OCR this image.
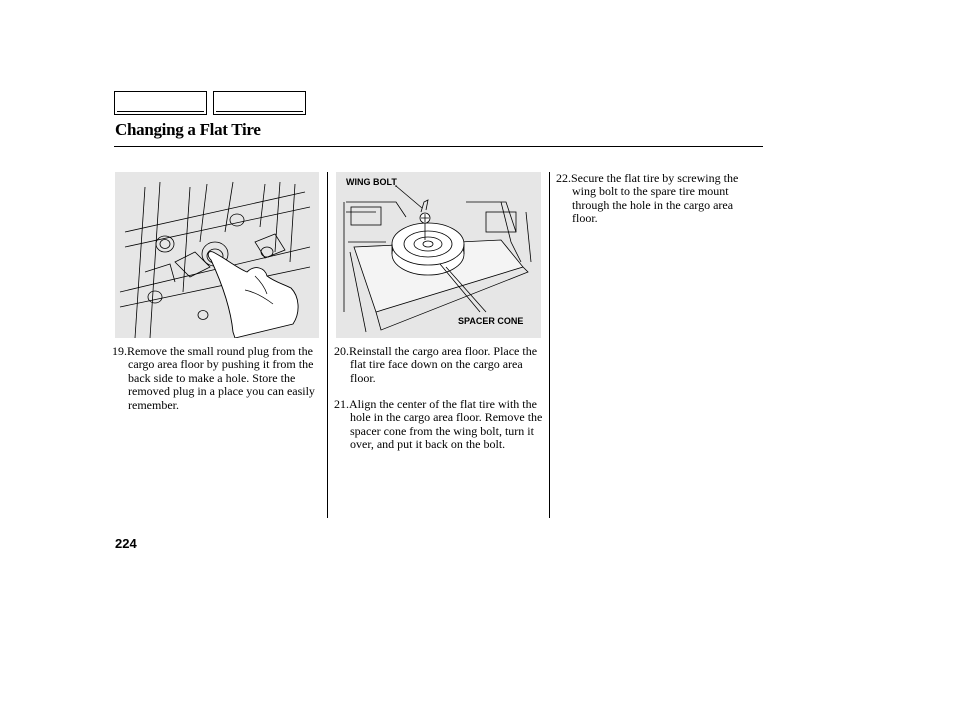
Changing a Flat Tire
WING BOLT
SPACER CONE
19.Remove the small round plug from the cargo area floor by pushing it from the back side to make a hole. Store the removed plug in a place you can easily remember.
20.Reinstall the cargo area floor. Place the flat tire face down on the cargo area floor.
21.Align the center of the flat tire with the hole in the cargo area floor. Remove the spacer cone from the wing bolt, turn it over, and put it back on the bolt.
22.Secure the flat tire by screwing the wing bolt to the spare tire mount through the hole in the cargo area floor.
224
